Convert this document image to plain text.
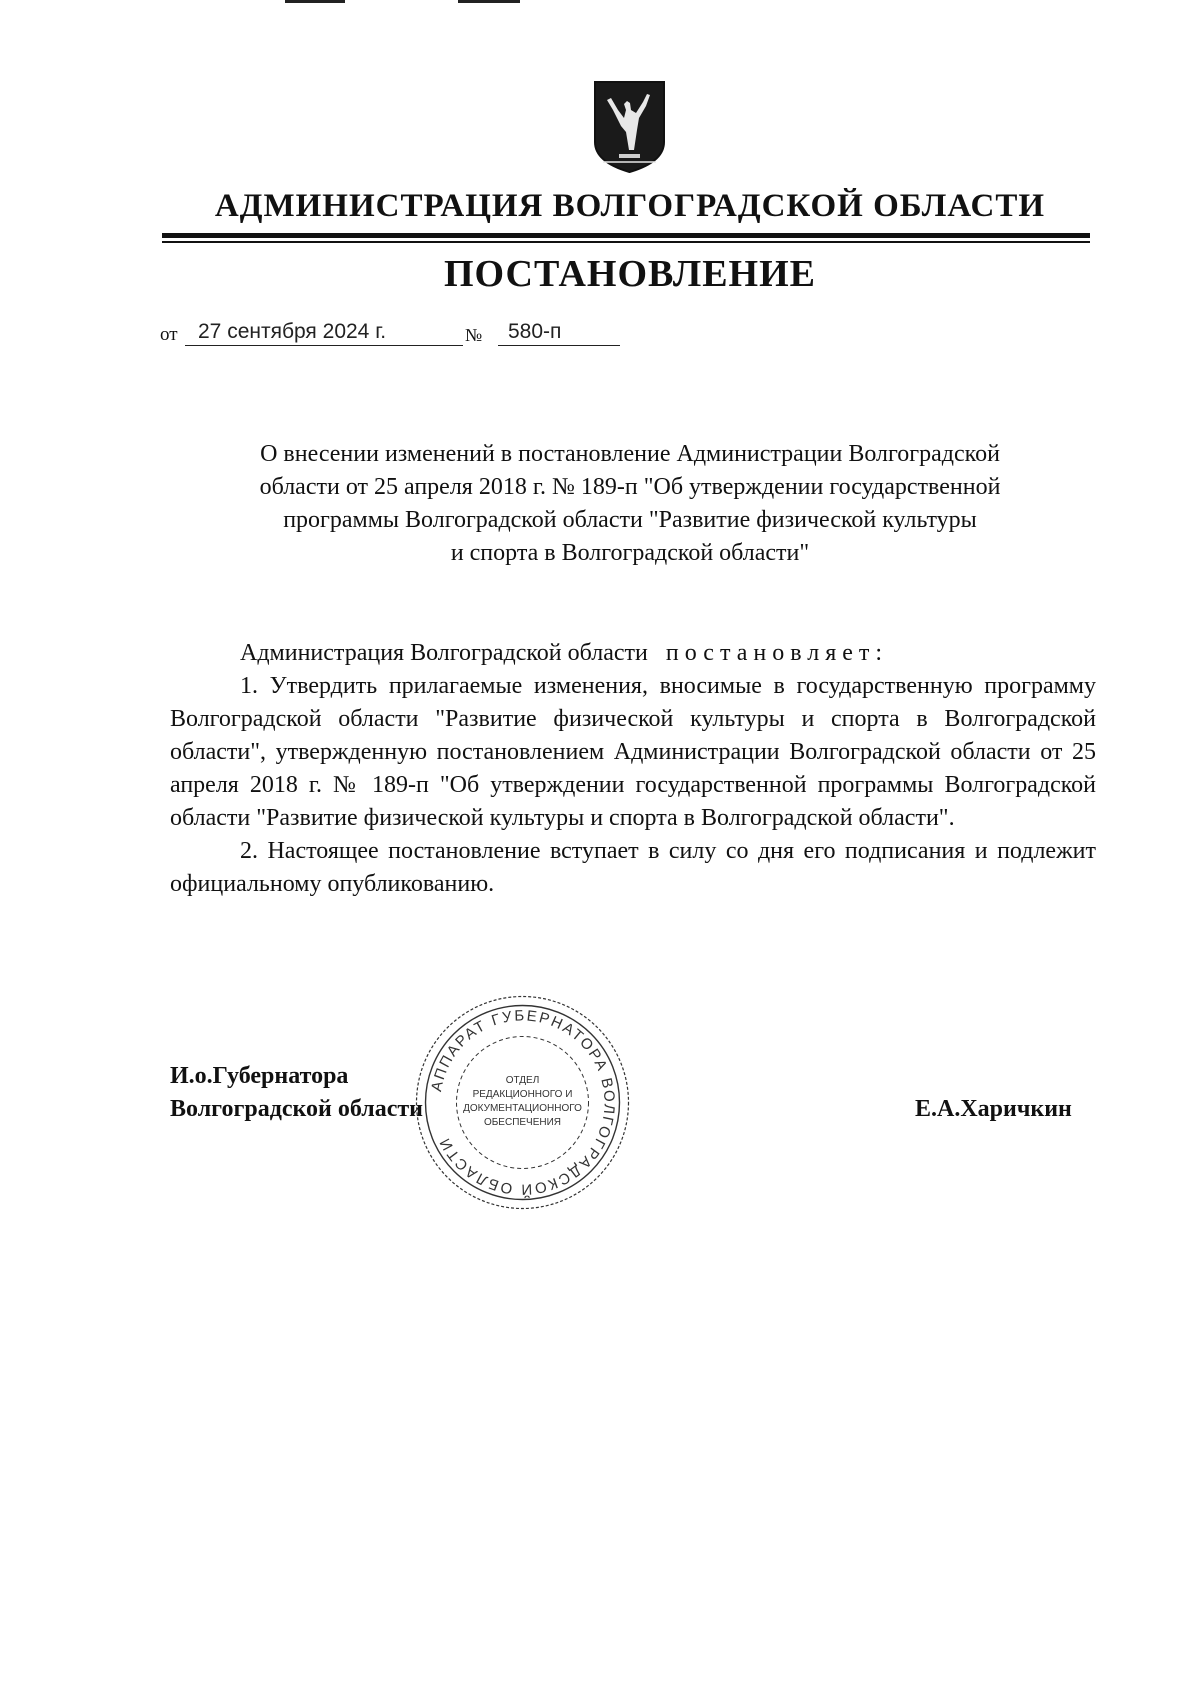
АДМИНИСТРАЦИЯ ВОЛГОГРАДСКОЙ ОБЛАСТИ
ПОСТАНОВЛЕНИЕ
от 27 сентября 2024 г.	№ 580-п
О внесении изменений в постановление Администрации Волгоградской
области от 25 апреля 2018 г. № 189-п "Об утверждении государственной
программы Волгоградской области "Развитие физической культуры
и спорта в Волгоградской области"

Администрация Волгоградской области постановляет:

1. Утвердить прилагаемые изменения, вносимые в государственную программу Волгоградской области "Развитие физической культуры и спорта в Волгоградской области", утвержденную постановлением Администрации Волгоградской области от 25 апреля 2018 г. № 189-п "Об утверждении государственной программы Волгоградской области "Развитие физической культуры и спорта в Волгоградской области".

2. Настоящее постановление вступает в силу со дня его подписания и подлежит официальному опубликованию.

И.о.Губернатора
Волгоградской области	Е.А.Харичкин
АППАРАТ ГУБЕРНАТОРА ВОЛГОГРАДСКОЙ ОБЛАСТИ
ОТДЕЛ
РЕДАКЦИОННОГО И
ДОКУМЕНТАЦИОННОГО
ОБЕСПЕЧЕНИЯ
